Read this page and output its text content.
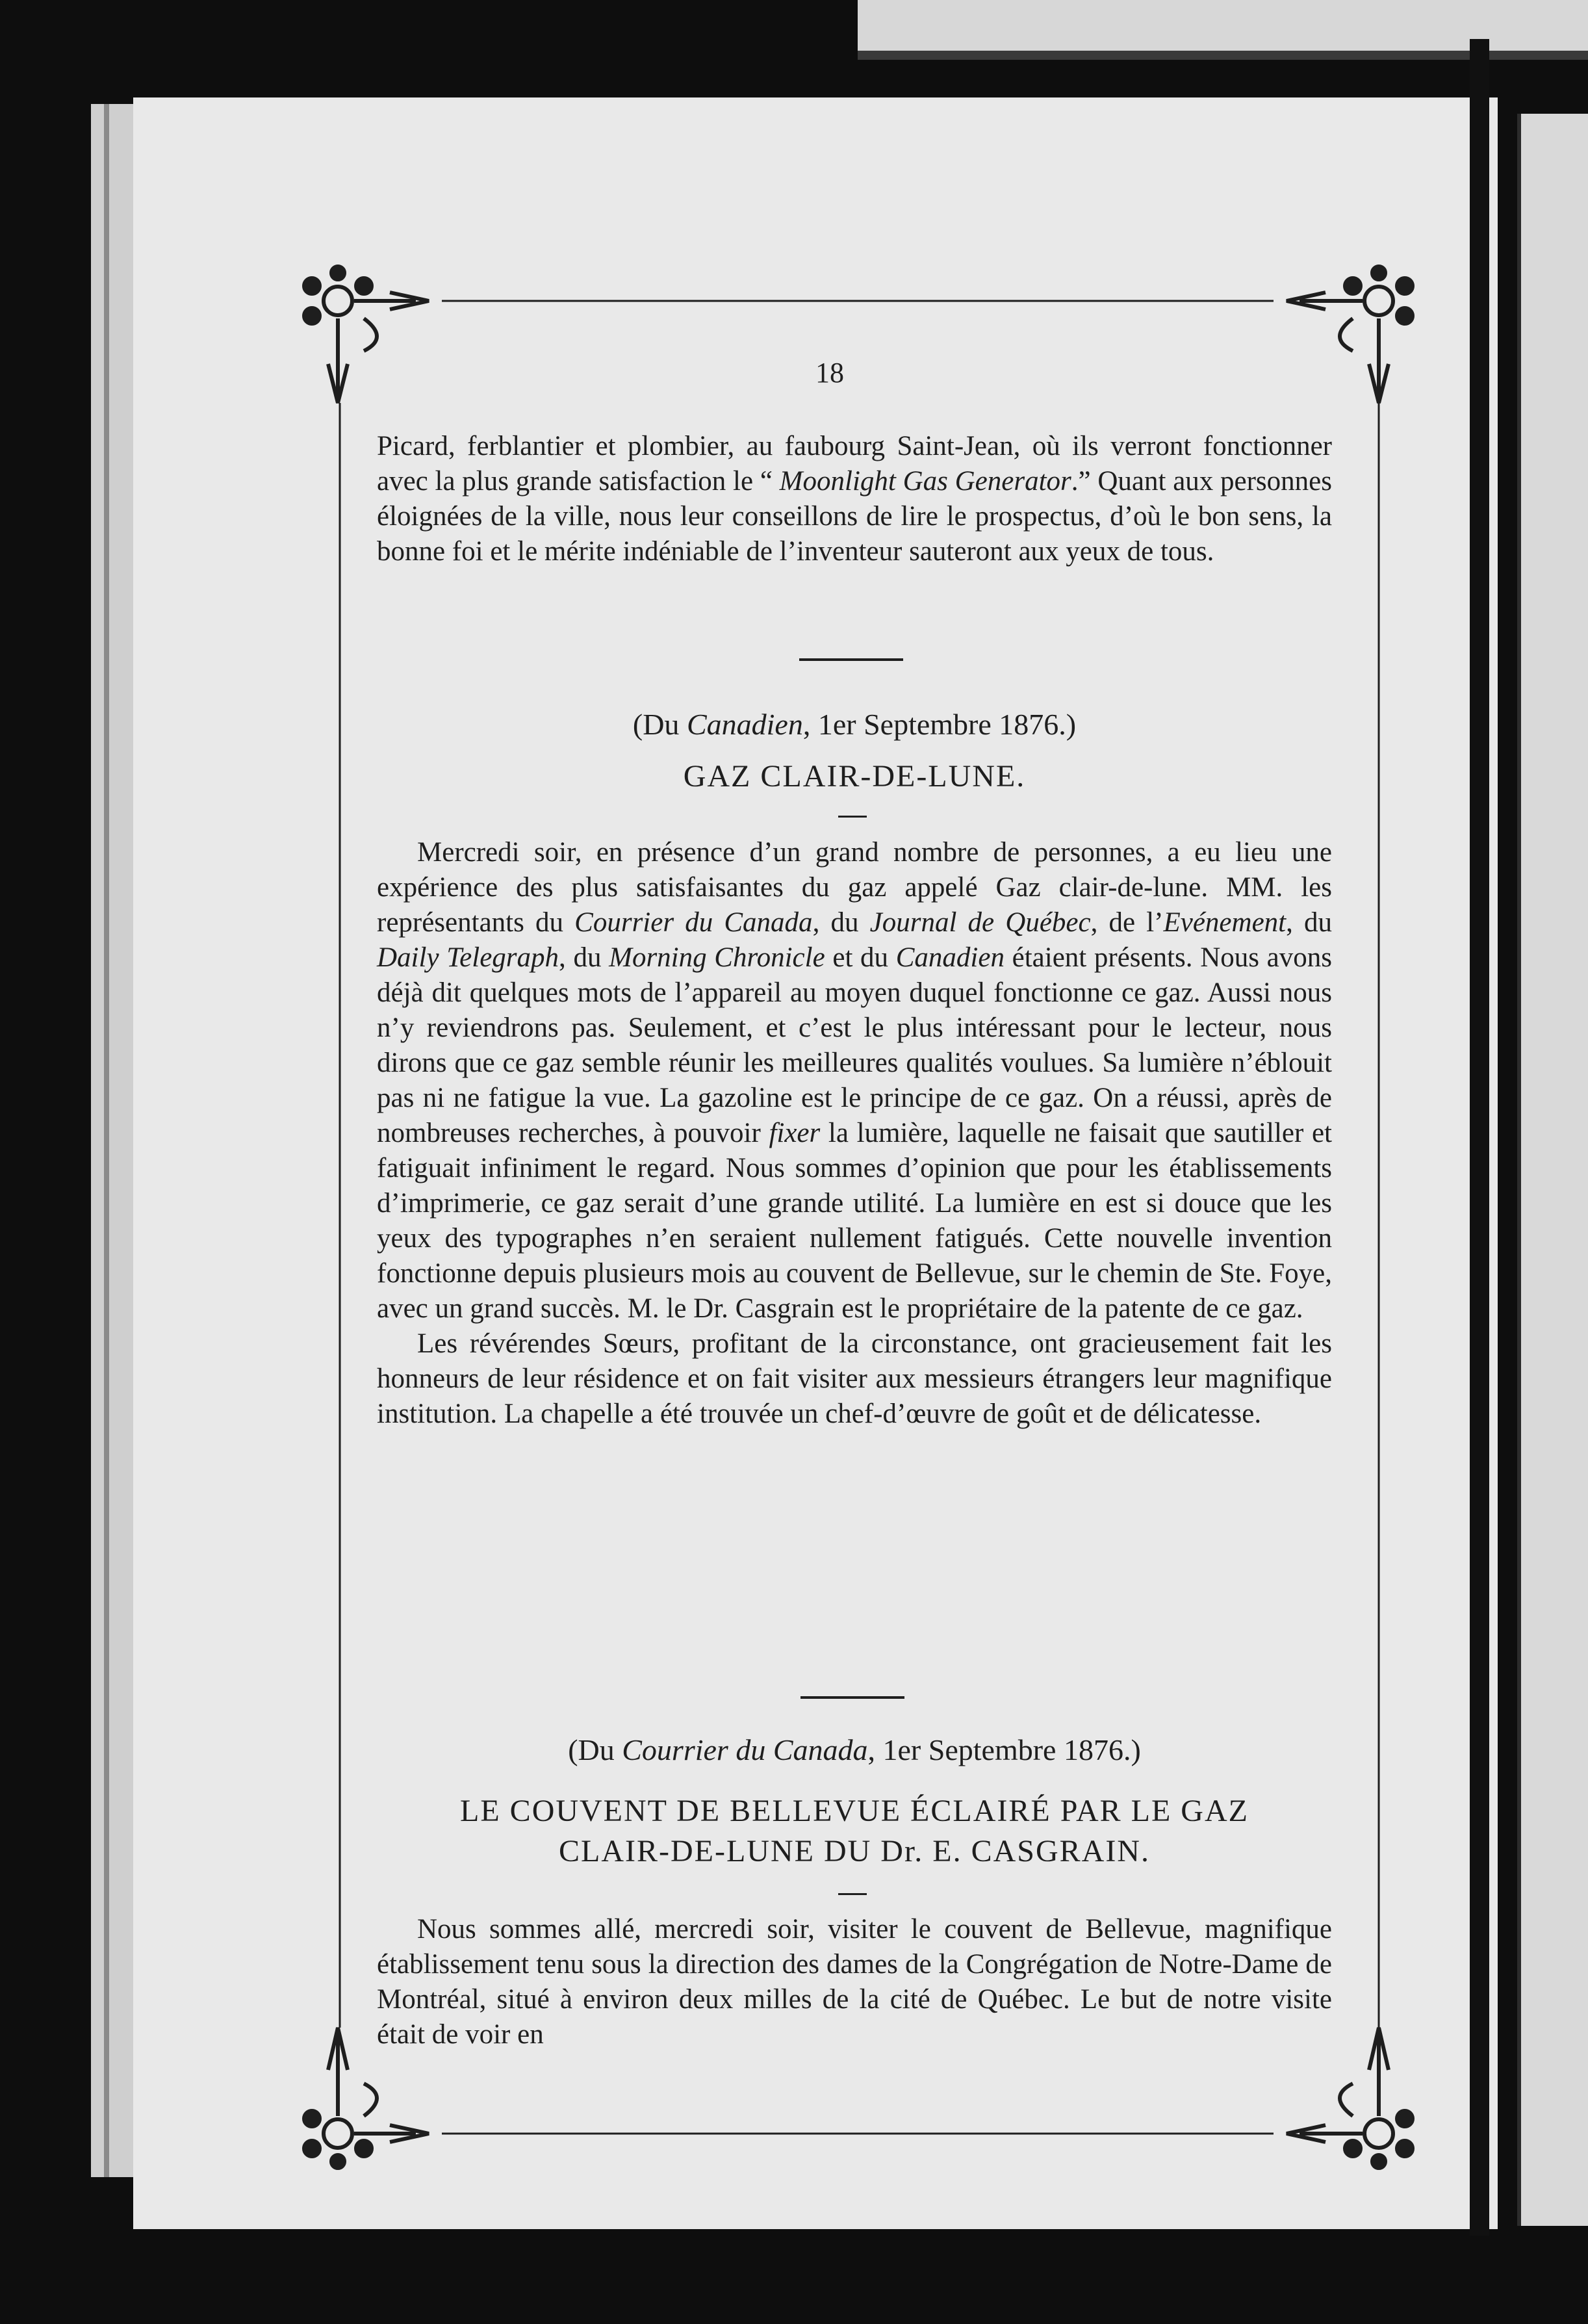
18

Picard, ferblantier et plombier, au faubourg Saint-Jean, où ils verront fonctionner avec la plus grande satisfaction le “ Moonlight Gas Generator.” Quant aux personnes éloignées de la ville, nous leur conseillons de lire le prospectus, d’où le bon sens, la bonne foi et le mérite indéniable de l’inventeur sauteront aux yeux de tous.

(Du Canadien, 1er Septembre 1876.)
GAZ CLAIR-DE-LUNE.

Mercredi soir, en présence d’un grand nombre de personnes, a eu lieu une expérience des plus satisfaisantes du gaz appelé Gaz clair-de-lune. MM. les représentants du Courrier du Canada, du Journal de Québec, de l’Evénement, du Daily Telegraph, du Morning Chronicle et du Canadien étaient présents. Nous avons déjà dit quelques mots de l’appareil au moyen duquel fonctionne ce gaz. Aussi nous n’y reviendrons pas. Seulement, et c’est le plus intéressant pour le lecteur, nous dirons que ce gaz semble réunir les meilleures qualités voulues. Sa lumière n’éblouit pas ni ne fatigue la vue. La gazoline est le principe de ce gaz. On a réussi, après de nombreuses recherches, à pouvoir fixer la lumière, laquelle ne faisait que sautiller et fatiguait infiniment le regard. Nous sommes d’opinion que pour les établissements d’imprimerie, ce gaz serait d’une grande utilité. La lumière en est si douce que les yeux des typographes n’en seraient nullement fatigués. Cette nouvelle invention fonctionne depuis plusieurs mois au couvent de Bellevue, sur le chemin de Ste. Foye, avec un grand succès. M. le Dr. Casgrain est le propriétaire de la patente de ce gaz.

Les révérendes Sœurs, profitant de la circonstance, ont gracieusement fait les honneurs de leur résidence et on fait visiter aux messieurs étrangers leur magnifique institution. La chapelle a été trouvée un chef-d’œuvre de goût et de délicatesse.

(Du Courrier du Canada, 1er Septembre 1876.)
LE COUVENT DE BELLEVUE ÉCLAIRÉ PAR LE GAZ
CLAIR-DE-LUNE DU Dr. E. CASGRAIN.

Nous sommes allé, mercredi soir, visiter le couvent de Bellevue, magnifique établissement tenu sous la direction des dames de la Congrégation de Notre-Dame de Montréal, situé à environ deux milles de la cité de Québec. Le but de notre visite était de voir en
